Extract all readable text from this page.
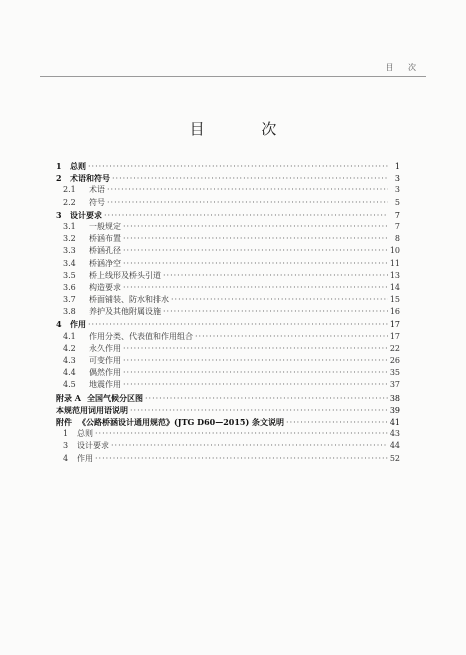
目 次
目 次
1	总则 ·····	1
2	术语和符号 ·····	3
2.1	术语 ·····	3
2.2	符号 ·····	5
3	设计要求 ·····	7
3.1	一般规定 ·····	7
3.2	桥涵布置 ·····	8
3.3	桥涵孔径 ·····	10
3.4	桥涵净空 ·····	11
3.5	桥上线形及桥头引道 ·····	13
3.6	构造要求 ·····	14
3.7	桥面铺装、防水和排水 ·····	15
3.8	养护及其他附属设施 ·····	16
4	作用 ·····	17
4.1	作用分类、代表值和作用组合 ·····	17
4.2	永久作用 ·····	22
4.3	可变作用 ·····	26
4.4	偶然作用 ·····	35
4.5	地震作用 ·····	37
附录 A 全国气候分区图 ·····	38
本规范用词用语说明 ·····	39
附件 《公路桥涵设计通用规范》(JTG D60—2015) 条文说明 ·····	41
1	总则 ·····	43
3	设计要求 ·····	44
4	作用 ·····	52
